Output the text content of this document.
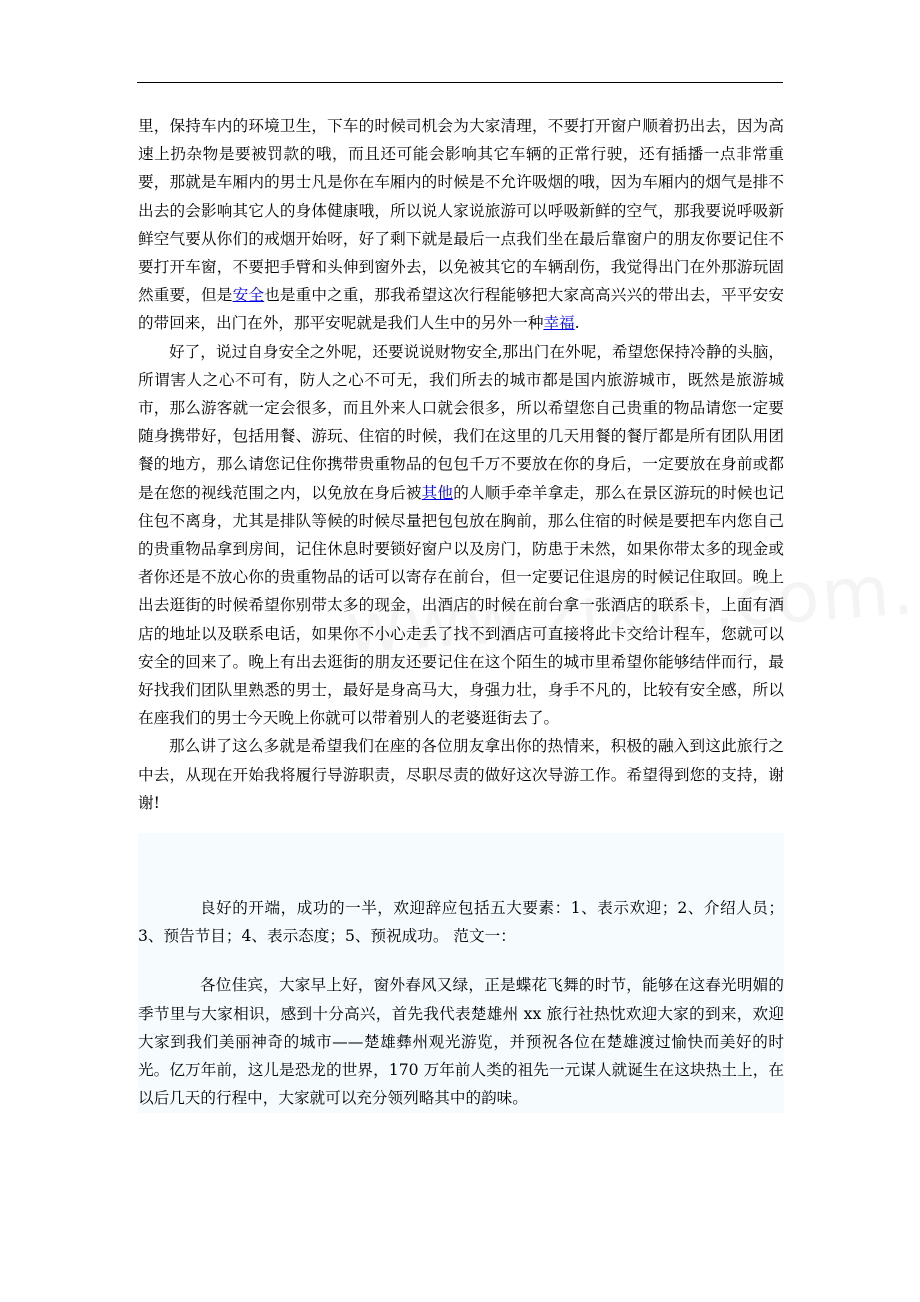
里，保持车内的环境卫生，下车的时候司机会为大家清理，不要打开窗户顺着扔出去，因为高速上扔杂物是要被罚款的哦，而且还可能会影响其它车辆的正常行驶，还有插播一点非常重要，那就是车厢内的男士凡是你在车厢内的时候是不允许吸烟的哦，因为车厢内的烟气是排不出去的会影响其它人的身体健康哦，所以说人家说旅游可以呼吸新鲜的空气，那我要说呼吸新鲜空气要从你们的戒烟开始呀，好了剩下就是最后一点我们坐在最后靠窗户的朋友你要记住不要打开车窗，不要把手臂和头伸到窗外去，以免被其它的车辆刮伤，我觉得出门在外那游玩固然重要，但是安全也是重中之重，那我希望这次行程能够把大家高高兴兴的带出去，平平安安的带回来，出门在外，那平安呢就是我们人生中的另外一种幸福.

好了，说过自身安全之外呢，还要说说财物安全,那出门在外呢，希望您保持冷静的头脑，所谓害人之心不可有，防人之心不可无，我们所去的城市都是国内旅游城市，既然是旅游城市，那么游客就一定会很多，而且外来人口就会很多，所以希望您自己贵重的物品请您一定要随身携带好，包括用餐、游玩、住宿的时候，我们在这里的几天用餐的餐厅都是所有团队用团餐的地方，那么请您记住你携带贵重物品的包包千万不要放在你的身后，一定要放在身前或都是在您的视线范围之内，以免放在身后被其他的人顺手牵羊拿走，那么在景区游玩的时候也记住包不离身，尤其是排队等候的时候尽量把包包放在胸前，那么住宿的时候是要把车内您自己的贵重物品拿到房间，记住休息时要锁好窗户以及房门，防患于未然，如果你带太多的现金或者你还是不放心你的贵重物品的话可以寄存在前台，但一定要记住退房的时候记住取回。晚上出去逛街的时候希望你别带太多的现金，出酒店的时候在前台拿一张酒店的联系卡，上面有酒店的地址以及联系电话，如果你不小心走丢了找不到酒店可直接将此卡交给计程车，您就可以安全的回来了。晚上有出去逛街的朋友还要记住在这个陌生的城市里希望你能够结伴而行，最好找我们团队里熟悉的男士，最好是身高马大，身强力壮，身手不凡的，比较有安全感，所以在座我们的男士今天晚上你就可以带着别人的老婆逛街去了。

那么讲了这么多就是希望我们在座的各位朋友拿出你的热情来，积极的融入到这此旅行之中去，从现在开始我将履行导游职责，尽职尽责的做好这次导游工作。希望得到您的支持，谢谢!

良好的开端，成功的一半，欢迎辞应包括五大要素：1、表示欢迎；2、介绍人员；3、预告节目；4、表示态度；5、预祝成功。 范文一：

各位佳宾，大家早上好，窗外春风又绿，正是蝶花飞舞的时节，能够在这春光明媚的季节里与大家相识，感到十分高兴，首先我代表楚雄州 xx 旅行社热忱欢迎大家的到来，欢迎大家到我们美丽神奇的城市——楚雄彝州观光游览，并预祝各位在楚雄渡过愉快而美好的时光。亿万年前，这儿是恐龙的世界，170 万年前人类的祖先一元谋人就诞生在这块热土上，在以后几天的行程中，大家就可以充分领列略其中的韵味。
